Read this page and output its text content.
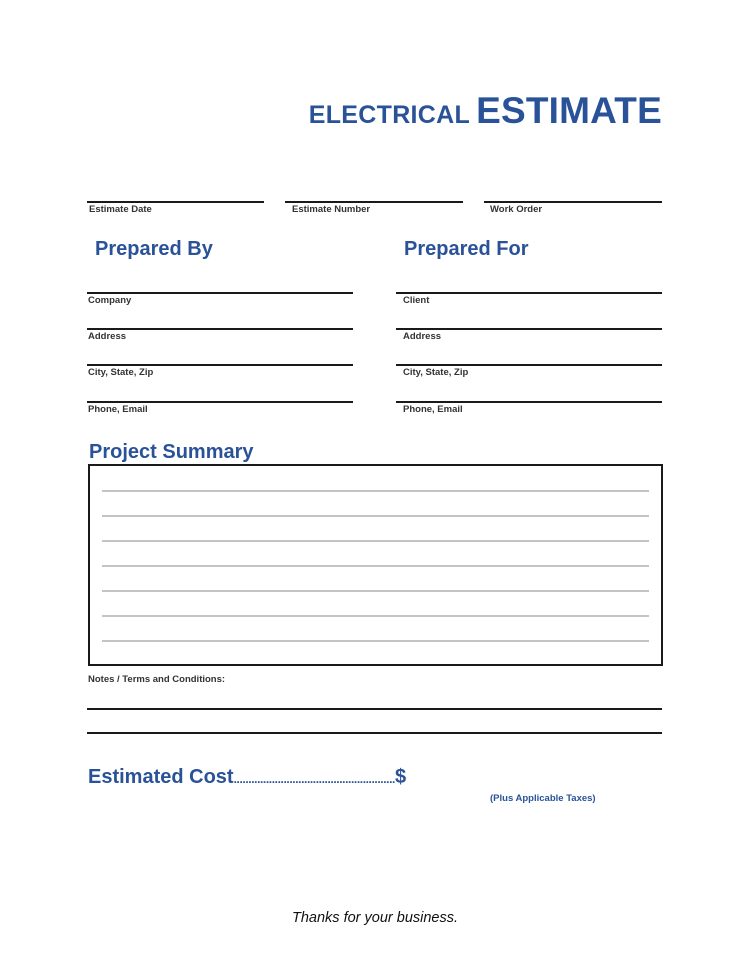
ELECTRICAL ESTIMATE
Estimate Date	Estimate Number	Work Order
Prepared By
Company
Address
City, State, Zip
Phone, Email
Prepared For
Client
Address
City, State, Zip
Phone, Email
Project Summary
Notes / Terms and Conditions:
Estimated Cost.......................................................$
(Plus Applicable Taxes)
Thanks for your business.
